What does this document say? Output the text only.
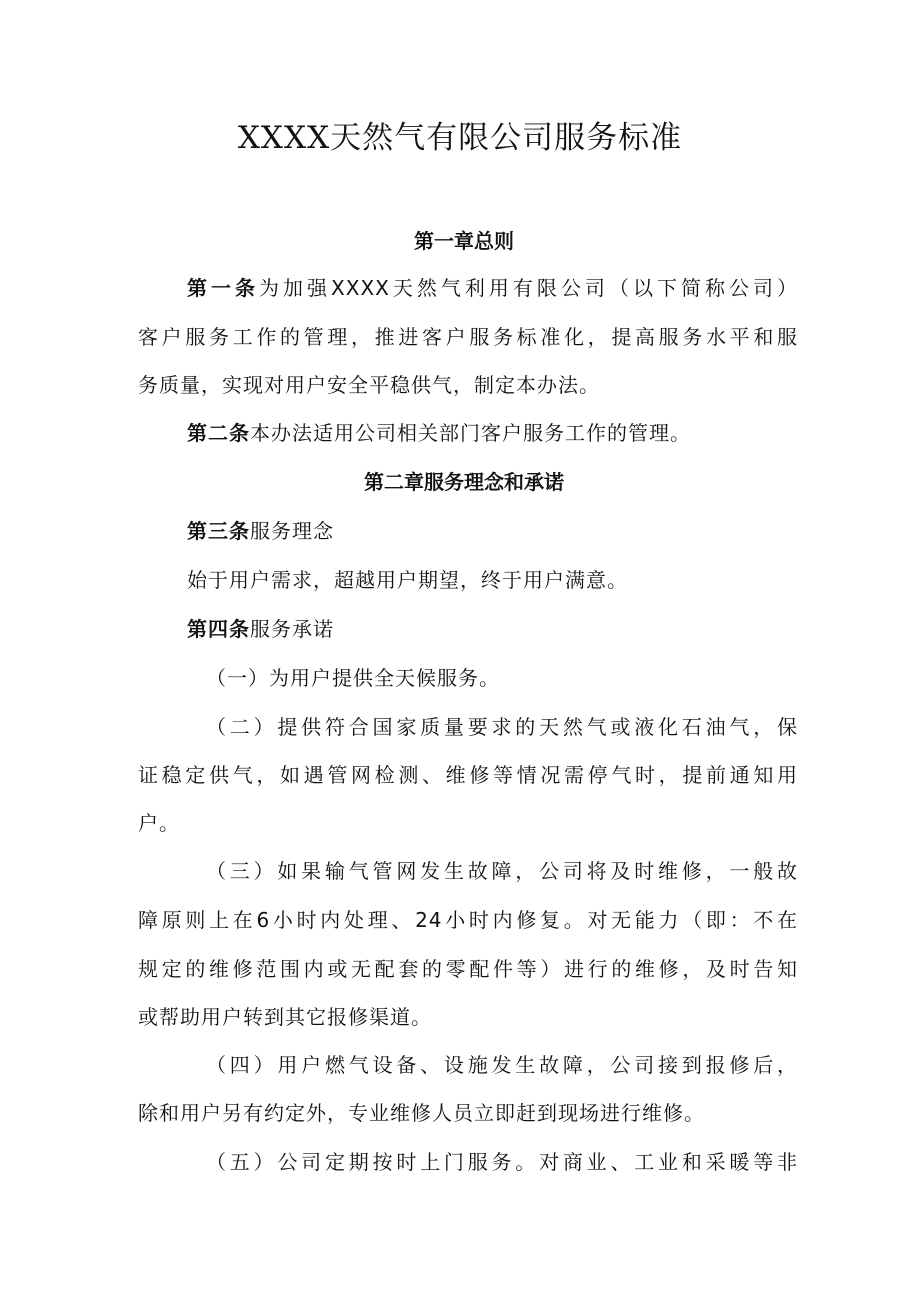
XXXX天然气有限公司服务标准
第一章总则
第一条为加强XXXX天然气利用有限公司（以下简称公司）
客户服务工作的管理，推进客户服务标准化，提高服务水平和服
务质量，实现对用户安全平稳供气，制定本办法。
第二条本办法适用公司相关部门客户服务工作的管理。
第二章服务理念和承诺
第三条服务理念
始于用户需求，超越用户期望，终于用户满意。
第四条服务承诺
（一）为用户提供全天候服务。
（二）提供符合国家质量要求的天然气或液化石油气，保
证稳定供气，如遇管网检测、维修等情况需停气时，提前通知用
户。
（三）如果输气管网发生故障，公司将及时维修，一般故
障原则上在6小时内处理、24小时内修复。对无能力（即：不在
规定的维修范围内或无配套的零配件等）进行的维修，及时告知
或帮助用户转到其它报修渠道。
（四）用户燃气设备、设施发生故障，公司接到报修后，
除和用户另有约定外，专业维修人员立即赶到现场进行维修。
（五）公司定期按时上门服务。对商业、工业和采暖等非
